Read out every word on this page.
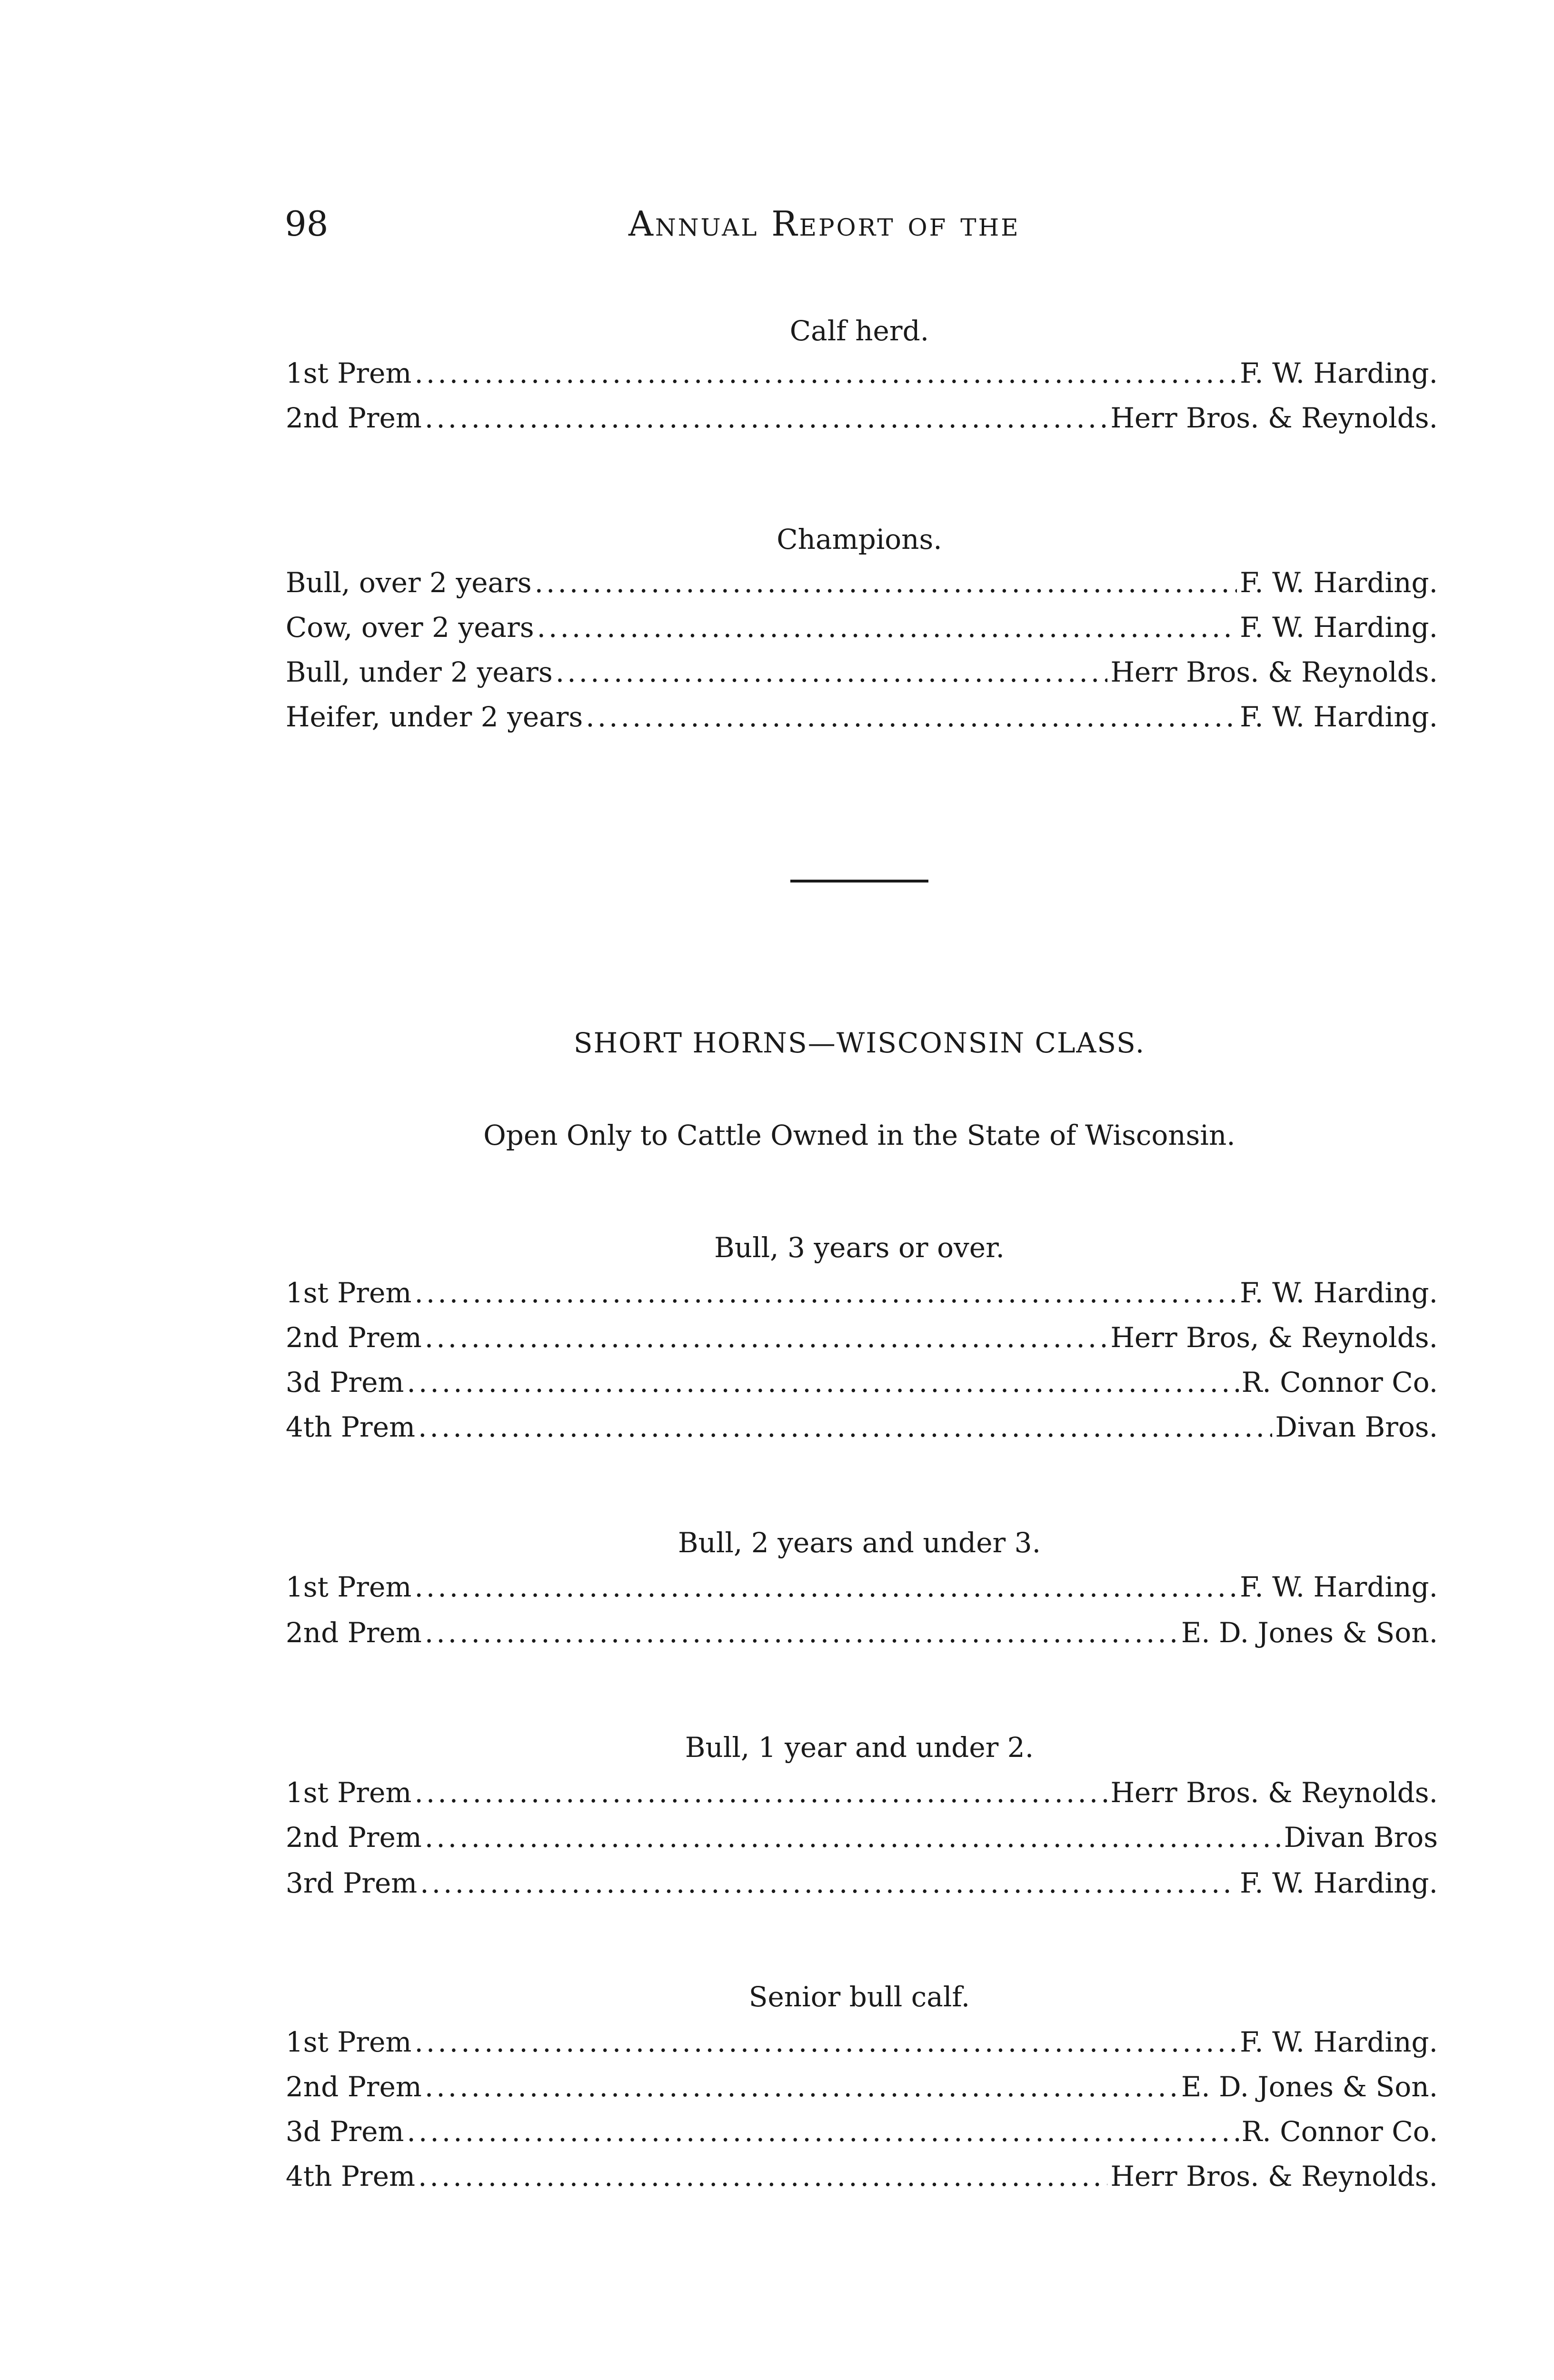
98	Annual Report of the
Calf herd.
1st Prem .....	F. W. Harding.
2nd Prem .....	Herr Bros. & Reynolds.
Champions.
Bull, over 2 years .....	F. W. Harding.
Cow, over 2 years .....	F. W. Harding.
Bull, under 2 years .....	Herr Bros. & Reynolds.
Heifer, under 2 years .....	F. W. Harding.
SHORT HORNS—WISCONSIN CLASS.
Open Only to Cattle Owned in the State of Wisconsin.
Bull, 3 years or over.
1st Prem .....	F. W. Harding.
2nd Prem .....	Herr Bros, & Reynolds.
3d Prem .....	R. Connor Co.
4th Prem .....	Divan Bros.
Bull, 2 years and under 3.
1st Prem .....	F. W. Harding.
2nd Prem .....	E. D. Jones & Son.
Bull, 1 year and under 2.
1st Prem .....	Herr Bros. & Reynolds.
2nd Prem .....	Divan Bros
3rd Prem .....	F. W. Harding.
Senior bull calf.
1st Prem .....	F. W. Harding.
2nd Prem .....	E. D. Jones & Son.
3d Prem .....	R. Connor Co.
4th Prem .....	Herr Bros. & Reynolds.
